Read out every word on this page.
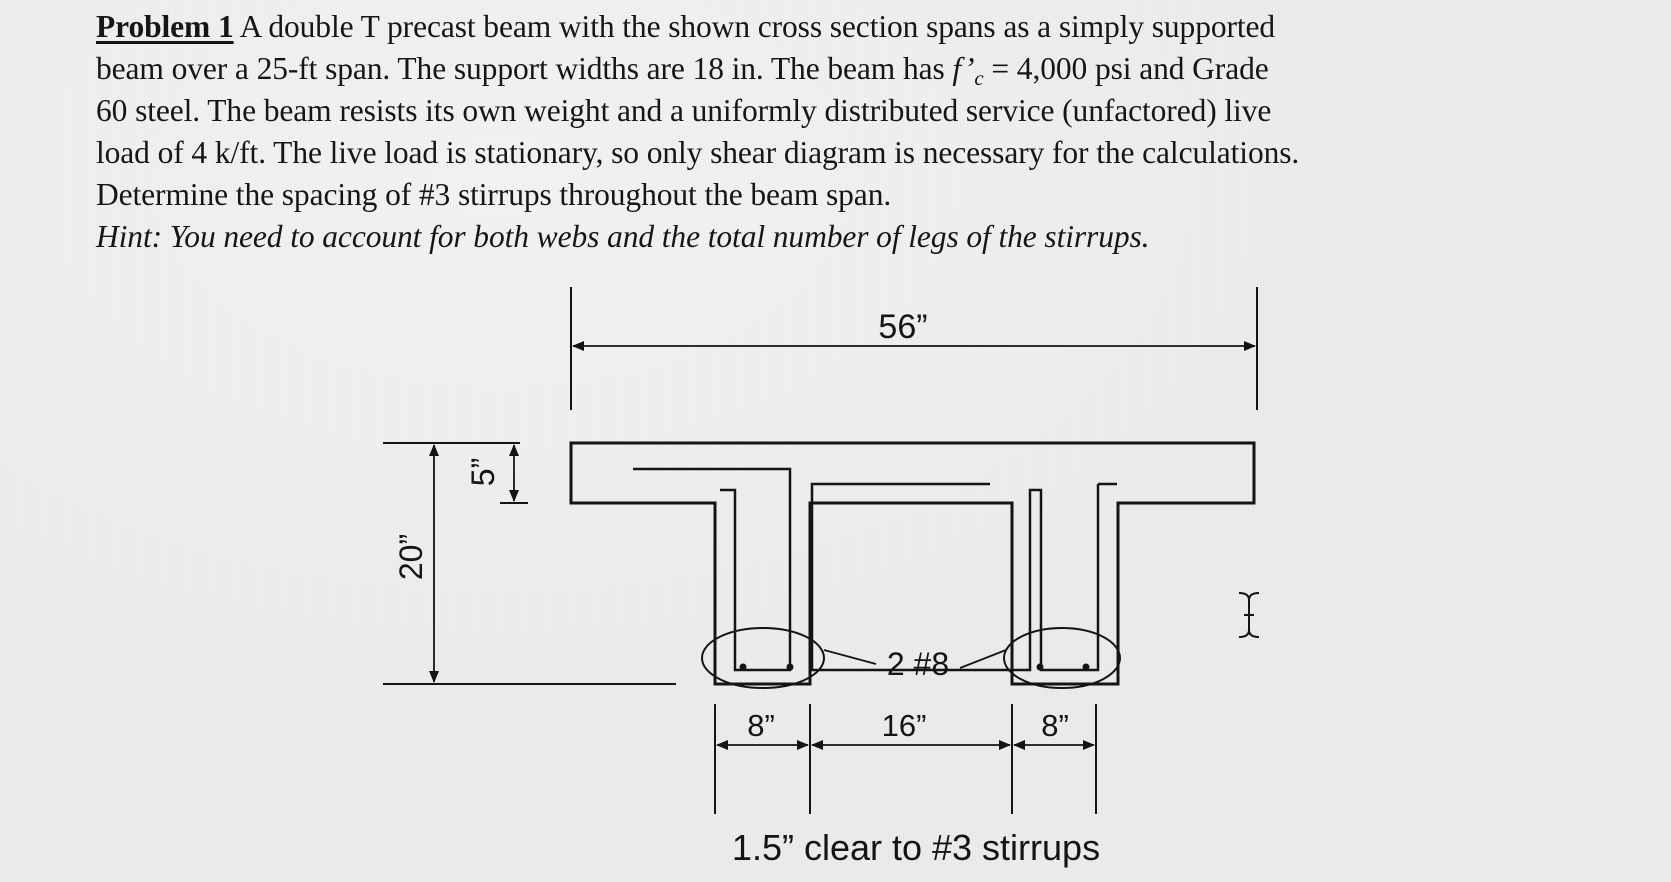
Problem 1 A double T precast beam with the shown cross section spans as a simply supported
beam over a 25-ft span. The support widths are 18 in. The beam has f’c = 4,000 psi and Grade
60 steel. The beam resists its own weight and a uniformly distributed service (unfactored) live
load of 4 k/ft. The live load is stationary, so only shear diagram is necessary for the calculations.
Determine the spacing of #3 stirrups throughout the beam span.
Hint: You need to account for both webs and the total number of legs of the stirrups.
56”
2 #8
20”
5”
8”	16”	8”
1.5” clear to #3 stirrups
